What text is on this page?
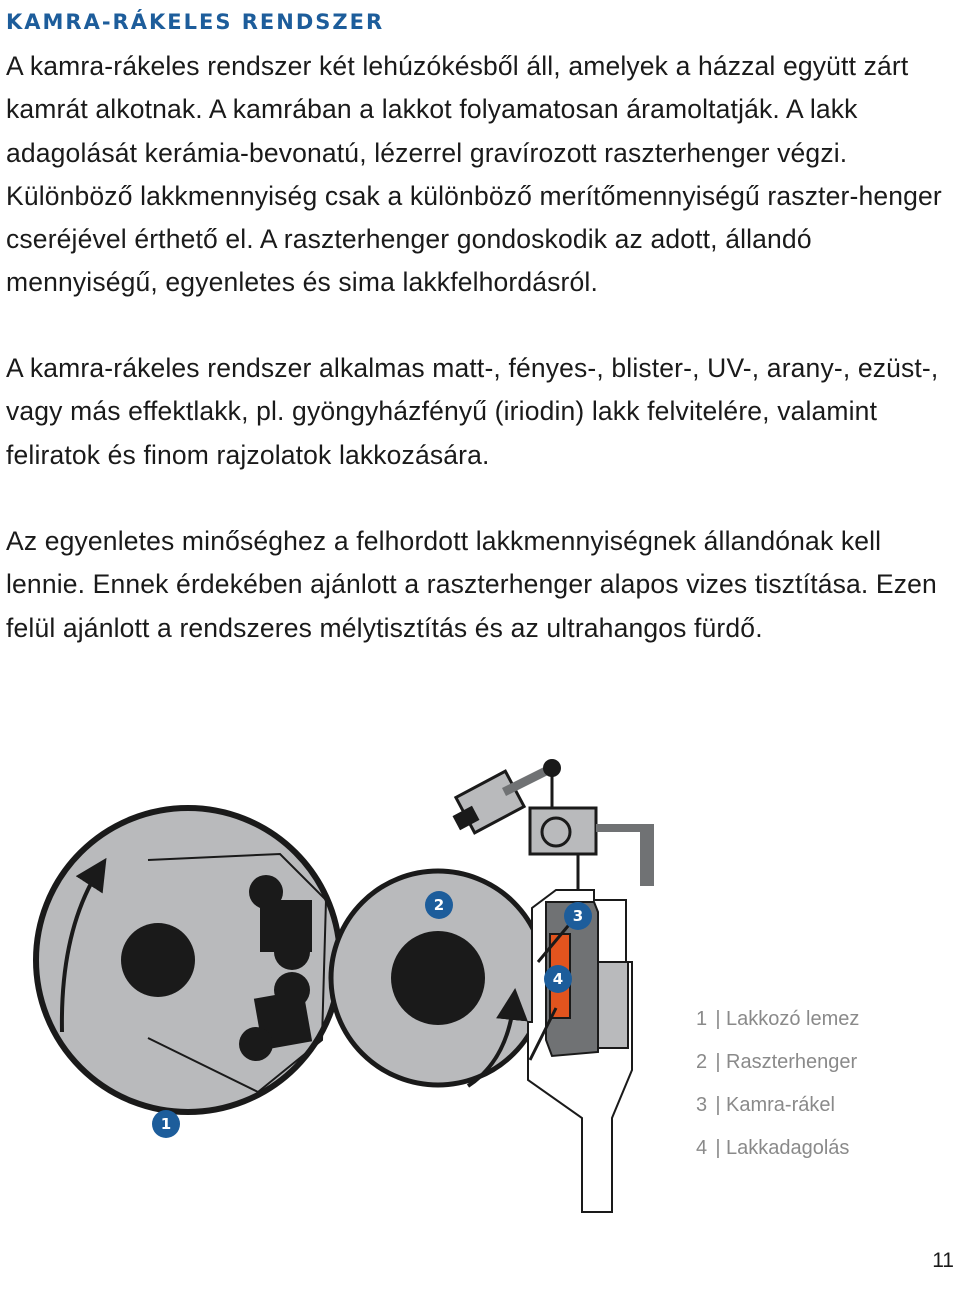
KAMRA-RÁKELES RENDSZER

A kamra-rákeles rendszer két lehúzókésből áll, amelyek a házzal együtt zárt kamrát alkotnak. A kamrában a lakkot folyamatosan áramoltatják. A lakk adagolását kerámia-bevonatú, lézerrel gravírozott raszterhenger végzi. Különböző lakkmennyiség csak a különböző merítőmennyiségű raszter-henger cseréjével érthető el. A raszterhenger gondoskodik az adott, állandó mennyiségű, egyenletes és sima lakkfelhordásról.

A kamra-rákeles rendszer alkalmas matt-, fényes-, blister-, UV-, arany-, ezüst-, vagy más effektlakk, pl. gyöngyházfényű (iriodin) lakk felvitelére, valamint feliratok és finom rajzolatok lakkozására.

Az egyenletes minőséghez a felhordott lakkmennyiségnek állandónak kell lennie. Ennek érdekében ajánlott a raszterhenger alapos vizes tisztítása. Ezen felül ajánlott a rendszeres mélytisztítás és az ultrahangos fürdő.

1
2
3
4
1 | Lakkozó lemez
2 | Raszterhenger
3 | Kamra-rákel
4 | Lakkadagolás
11
